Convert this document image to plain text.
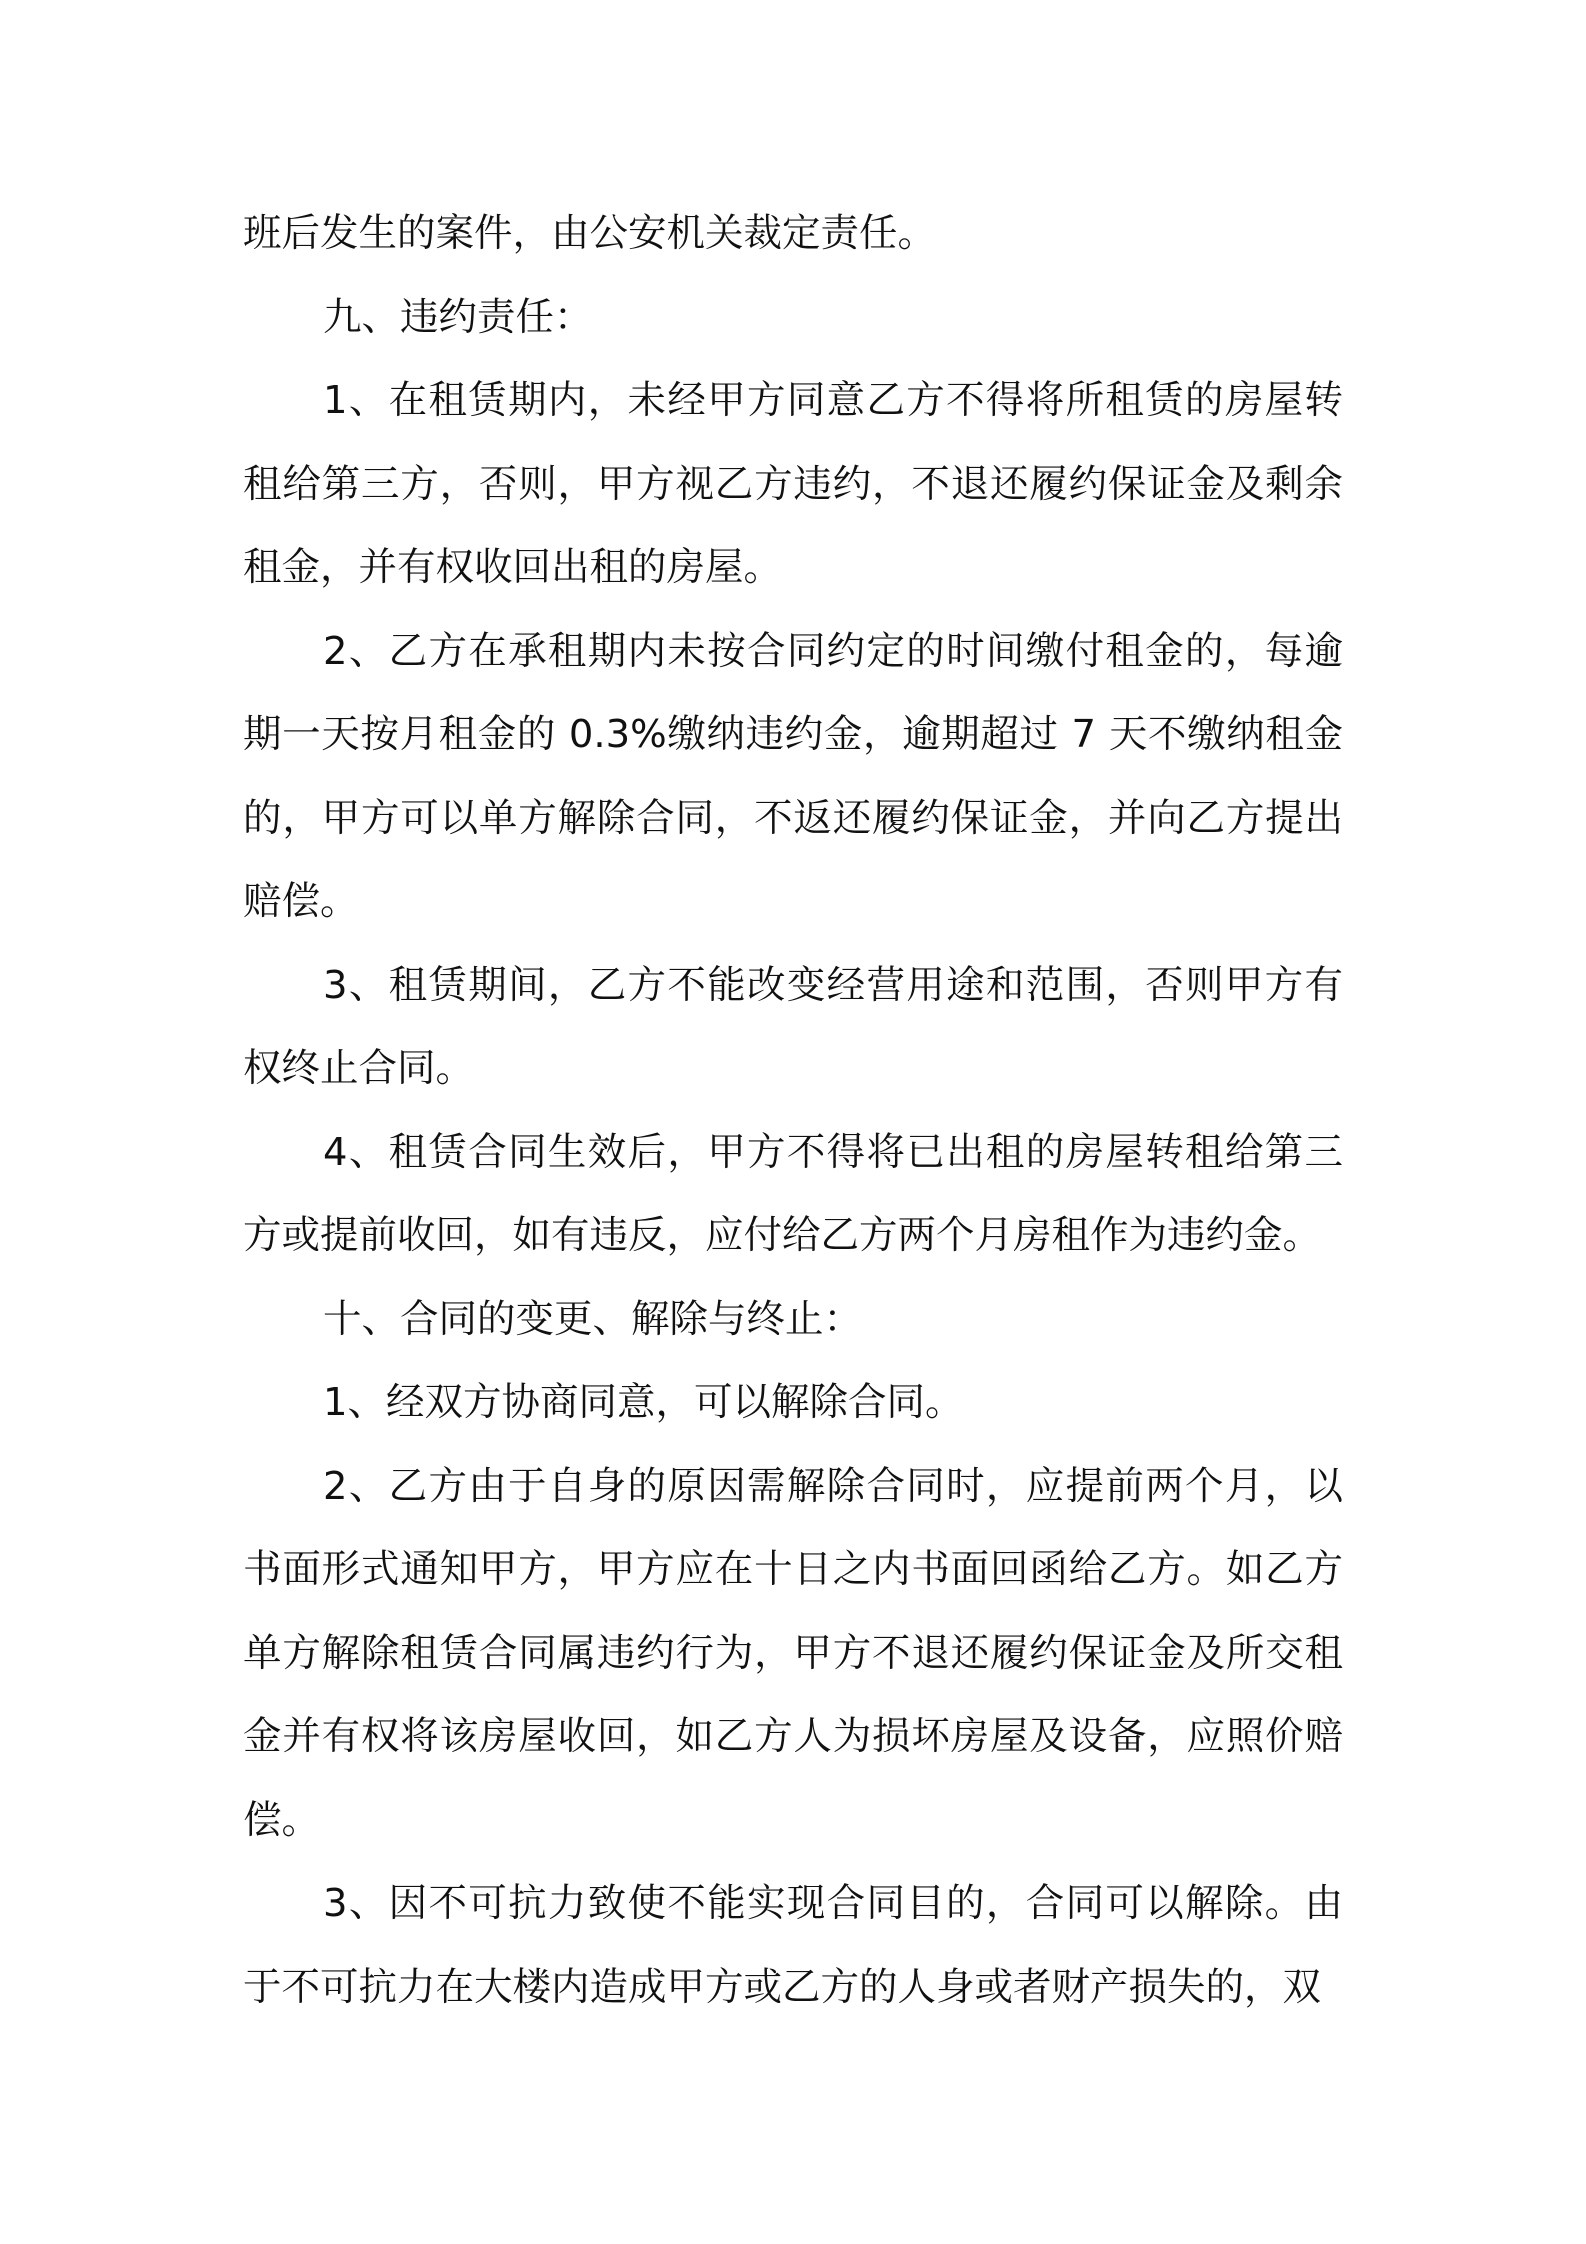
班后发生的案件，由公安机关裁定责任。

九、违约责任：

1、在租赁期内，未经甲方同意乙方不得将所租赁的房屋转租给第三方，否则，甲方视乙方违约，不退还履约保证金及剩余租金，并有权收回出租的房屋。

2、乙方在承租期内未按合同约定的时间缴付租金的，每逾期一天按月租金的 0.3%缴纳违约金，逾期超过 7 天不缴纳租金的，甲方可以单方解除合同，不返还履约保证金，并向乙方提出赔偿。

3、租赁期间，乙方不能改变经营用途和范围，否则甲方有权终止合同。

4、租赁合同生效后，甲方不得将已出租的房屋转租给第三方或提前收回，如有违反，应付给乙方两个月房租作为违约金。

十、合同的变更、解除与终止：

1、经双方协商同意，可以解除合同。

2、乙方由于自身的原因需解除合同时，应提前两个月，以书面形式通知甲方，甲方应在十日之内书面回函给乙方。如乙方单方解除租赁合同属违约行为，甲方不退还履约保证金及所交租金并有权将该房屋收回，如乙方人为损坏房屋及设备，应照价赔偿。

3、因不可抗力致使不能实现合同目的，合同可以解除。由于不可抗力在大楼内造成甲方或乙方的人身或者财产损失的，双
